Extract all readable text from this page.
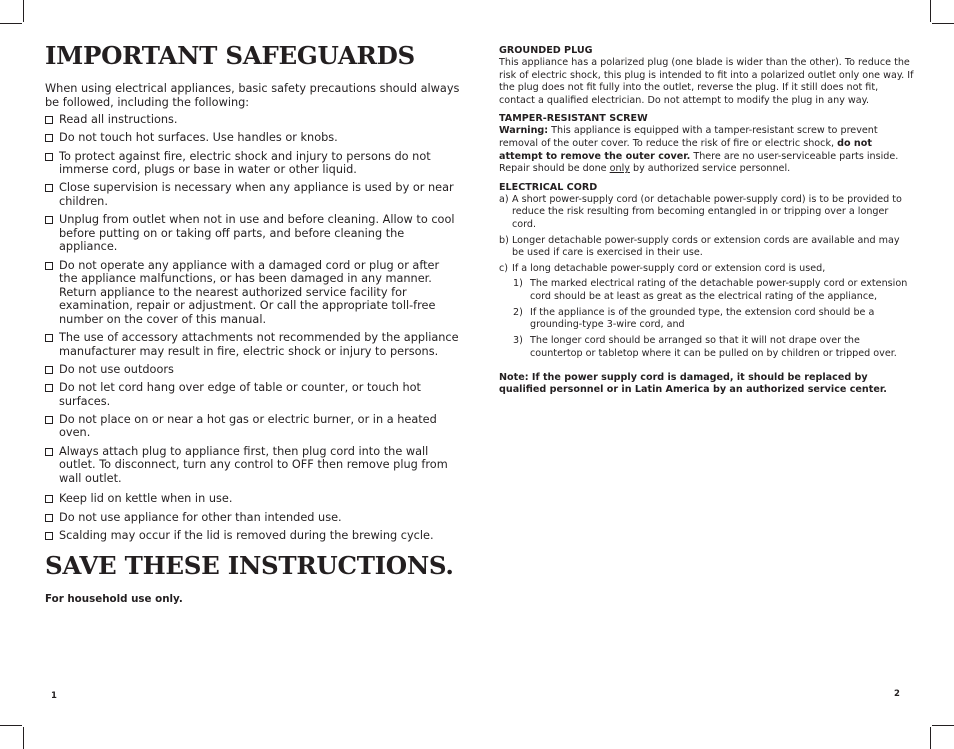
IMPORTANT SAFEGUARDS

When using electrical appliances, basic safety precautions should always be followed, including the following:

Read all instructions.
Do not touch hot surfaces. Use handles or knobs.
To protect against fire, electric shock and injury to persons do not immerse cord, plugs or base in water or other liquid.
Close supervision is necessary when any appliance is used by or near children.
Unplug from outlet when not in use and before cleaning. Allow to cool before putting on or taking off parts, and before cleaning the appliance.
Do not operate any appliance with a damaged cord or plug or after the appliance malfunctions, or has been damaged in any manner. Return appliance to the nearest authorized service facility for examination, repair or adjustment. Or call the appropriate toll-free number on the cover of this manual.
The use of accessory attachments not recommended by the appliance manufacturer may result in fire, electric shock or injury to persons.
Do not use outdoors
Do not let cord hang over edge of table or counter, or touch hot surfaces.
Do not place on or near a hot gas or electric burner, or in a heated oven.
Always attach plug to appliance first, then plug cord into the wall outlet. To disconnect, turn any control to OFF then remove plug from wall outlet.
Keep lid on kettle when in use.
Do not use appliance for other than intended use.
Scalding may occur if the lid is removed during the brewing cycle.
SAVE THESE INSTRUCTIONS.
For household use only.
1
GROUNDED PLUG

This appliance has a polarized plug (one blade is wider than the other). To reduce the risk of electric shock, this plug is intended to fit into a polarized outlet only one way. If the plug does not fit fully into the outlet, reverse the plug. If it still does not fit, contact a qualified electrician. Do not attempt to modify the plug in any way.

TAMPER-RESISTANT SCREW

Warning: This appliance is equipped with a tamper-resistant screw to prevent removal of the outer cover. To reduce the risk of fire or electric shock, do not attempt to remove the outer cover. There are no user-serviceable parts inside. Repair should be done only by authorized service personnel.

ELECTRICAL CORD
a) A short power-supply cord (or detachable power-supply cord) is to be provided to reduce the risk resulting from becoming entangled in or tripping over a longer cord.
b) Longer detachable power-supply cords or extension cords are available and may be used if care is exercised in their use.
c) If a long detachable power-supply cord or extension cord is used,
1) The marked electrical rating of the detachable power-supply cord or extension cord should be at least as great as the electrical rating of the appliance,
2) If the appliance is of the grounded type, the extension cord should be a grounding-type 3-wire cord, and
3) The longer cord should be arranged so that it will not drape over the countertop or tabletop where it can be pulled on by children or tripped over.
Note: If the power supply cord is damaged, it should be replaced by qualified personnel or in Latin America by an authorized service center.
2
